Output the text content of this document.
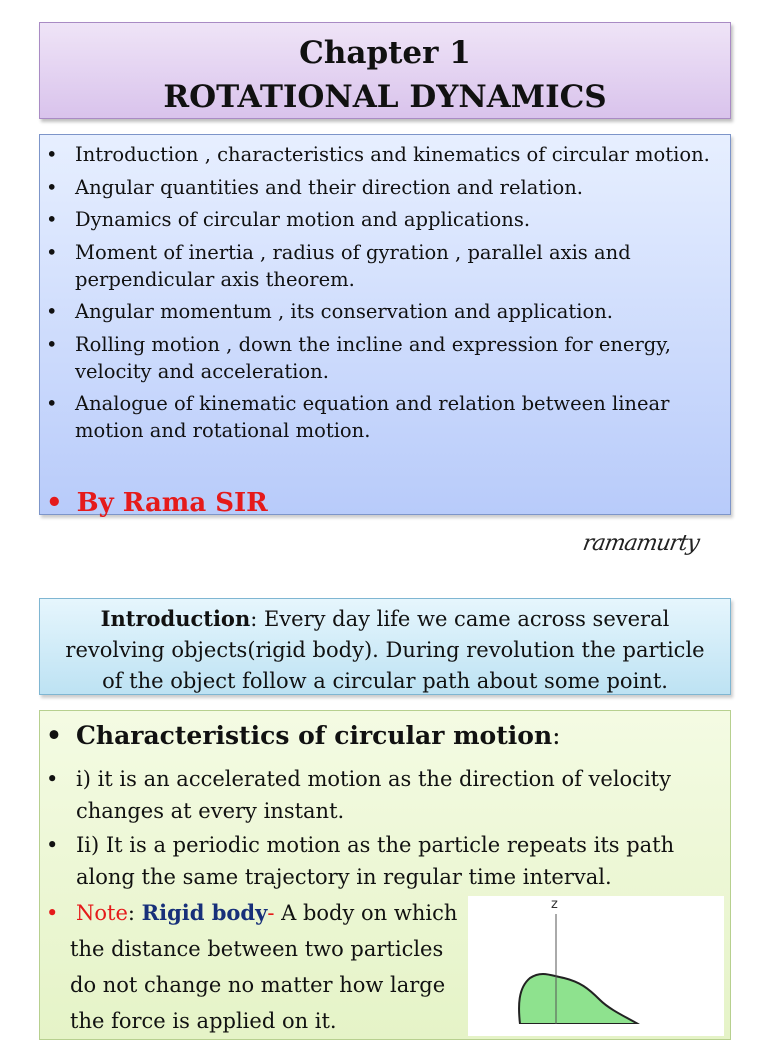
Chapter 1
ROTATIONAL DYNAMICS
• Introduction , characteristics and kinematics of circular motion.
• Angular quantities and their direction and relation.
• Dynamics of circular motion and applications.
• Moment of inertia , radius of gyration , parallel axis and perpendicular axis theorem.
• Angular momentum , its conservation and application.
• Rolling motion , down the incline and expression for energy, velocity and acceleration.
• Analogue of kinematic equation and relation between linear motion and rotational motion.
• By Rama SIR
ramamurty
Introduction: Every day life we came across several revolving objects(rigid body). During revolution the particle of the object follow a circular path about some point.
• Characteristics of circular motion:
• i) it is an accelerated motion as the direction of velocity changes at every instant.
• Ii) It is a periodic motion as the particle repeats its path along the same trajectory in regular time interval.
• Note: Rigid body- A body on which
the distance between two particles
do not change no matter how large
the force is applied on it.
z
